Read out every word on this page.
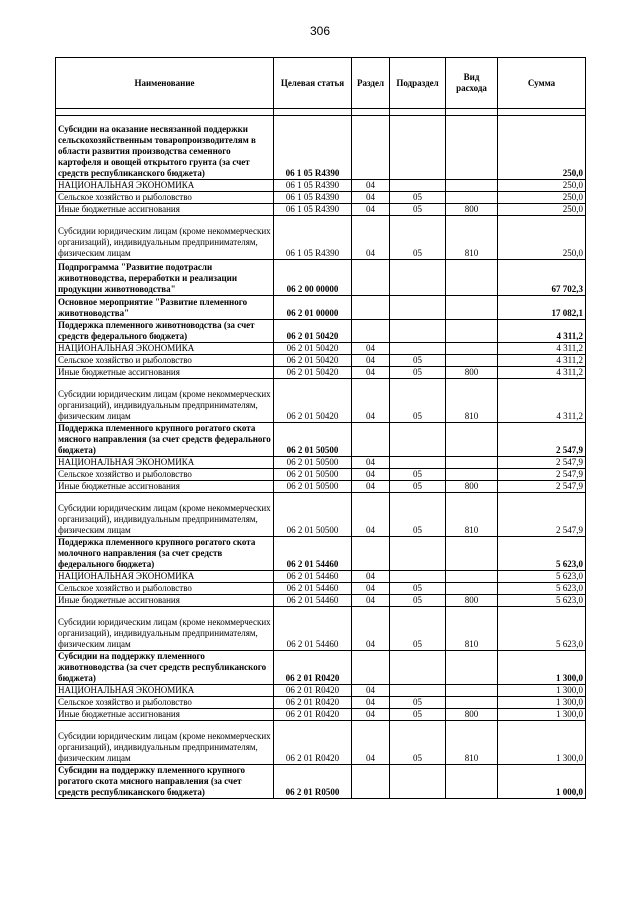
306
Наименование	Целевая статья	Раздел	Подраздел	Вид расхода	Сумма

Субсидии на оказание несвязанной поддержки сельскохозяйственным товаропроизводителям в области развития производства семенного картофеля и овощей открытого грунта (за счет средств республиканского бюджета)	06 1 05 R4390				250,0
НАЦИОНАЛЬНАЯ ЭКОНОМИКА	06 1 05 R4390	04			250,0
Сельское хозяйство и рыболовство	06 1 05 R4390	04	05		250,0
Иные бюджетные ассигнования	06 1 05 R4390	04	05	800	250,0
Субсидии юридическим лицам (кроме некоммерческих организаций), индивидуальным предпринимателям, физическим лицам	06 1 05 R4390	04	05	810	250,0
Подпрограмма "Развитие подотрасли животноводства, переработки и реализации продукции животноводства"	06 2 00 00000				67 702,3
Основное мероприятие "Развитие племенного животноводства"	06 2 01 00000				17 082,1
Поддержка племенного животноводства (за счет средств федерального бюджета)	06 2 01 50420				4 311,2
НАЦИОНАЛЬНАЯ ЭКОНОМИКА	06 2 01 50420	04			4 311,2
Сельское хозяйство и рыболовство	06 2 01 50420	04	05		4 311,2
Иные бюджетные ассигнования	06 2 01 50420	04	05	800	4 311,2
Субсидии юридическим лицам (кроме некоммерческих организаций), индивидуальным предпринимателям, физическим лицам	06 2 01 50420	04	05	810	4 311,2
Поддержка племенного крупного рогатого скота мясного направления (за счет средств федерального бюджета)	06 2 01 50500				2 547,9
НАЦИОНАЛЬНАЯ ЭКОНОМИКА	06 2 01 50500	04			2 547,9
Сельское хозяйство и рыболовство	06 2 01 50500	04	05		2 547,9
Иные бюджетные ассигнования	06 2 01 50500	04	05	800	2 547,9
Субсидии юридическим лицам (кроме некоммерческих организаций), индивидуальным предпринимателям, физическим лицам	06 2 01 50500	04	05	810	2 547,9
Поддержка племенного крупного рогатого скота молочного направления (за счет средств федерального бюджета)	06 2 01 54460				5 623,0
НАЦИОНАЛЬНАЯ ЭКОНОМИКА	06 2 01 54460	04			5 623,0
Сельское хозяйство и рыболовство	06 2 01 54460	04	05		5 623,0
Иные бюджетные ассигнования	06 2 01 54460	04	05	800	5 623,0
Субсидии юридическим лицам (кроме некоммерческих организаций), индивидуальным предпринимателям, физическим лицам	06 2 01 54460	04	05	810	5 623,0
Субсидии на поддержку племенного животноводства (за счет средств республиканского бюджета)	06 2 01 R0420				1 300,0
НАЦИОНАЛЬНАЯ ЭКОНОМИКА	06 2 01 R0420	04			1 300,0
Сельское хозяйство и рыболовство	06 2 01 R0420	04	05		1 300,0
Иные бюджетные ассигнования	06 2 01 R0420	04	05	800	1 300,0
Субсидии юридическим лицам (кроме некоммерческих организаций), индивидуальным предпринимателям, физическим лицам	06 2 01 R0420	04	05	810	1 300,0
Субсидии на поддержку племенного крупного рогатого скота мясного направления (за счет средств республиканского бюджета)	06 2 01 R0500				1 000,0
